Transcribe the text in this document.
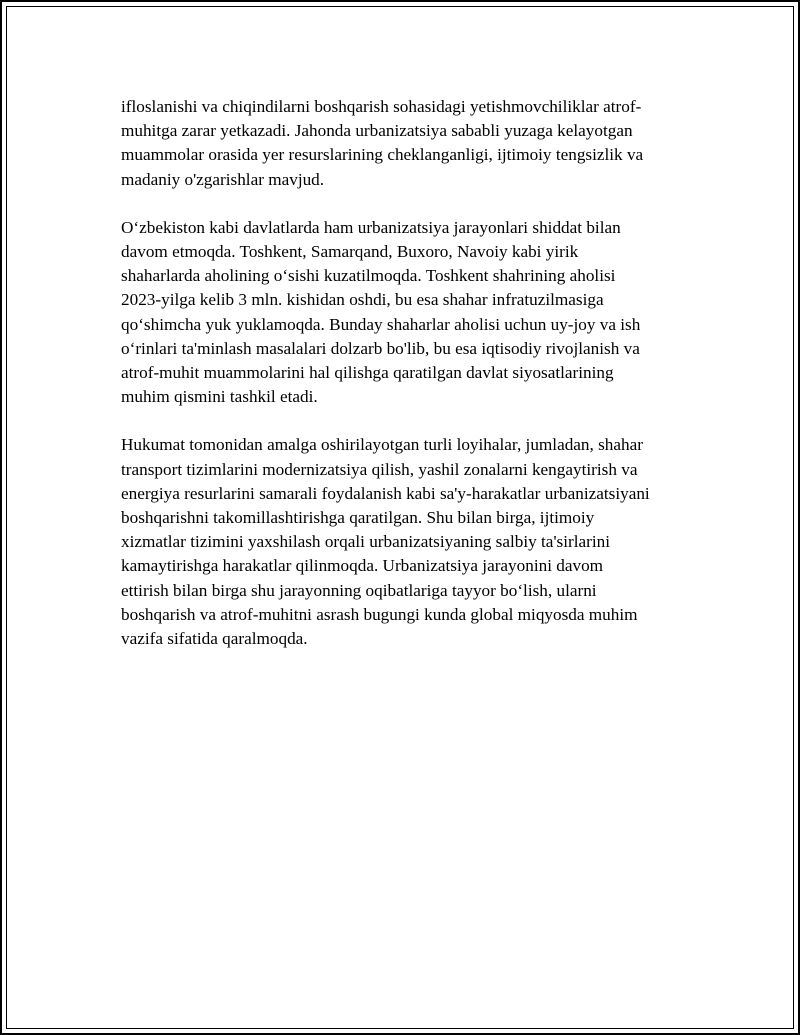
ifloslanishi va chiqindilarni boshqarish sohasidagi yetishmovchiliklar atrof-
muhitga zarar yetkazadi. Jahonda urbanizatsiya sababli yuzaga kelayotgan
muammolar orasida yer resurslarining cheklanganligi, ijtimoiy tengsizlik va
madaniy o'zgarishlar mavjud.

O‘zbekiston kabi davlatlarda ham urbanizatsiya jarayonlari shiddat bilan
davom etmoqda. Toshkent, Samarqand, Buxoro, Navoiy kabi yirik
shaharlarda aholining o‘sishi kuzatilmoqda. Toshkent shahrining aholisi
2023-yilga kelib 3 mln. kishidan oshdi, bu esa shahar infratuzilmasiga
qo‘shimcha yuk yuklamoqda. Bunday shaharlar aholisi uchun uy-joy va ish
o‘rinlari ta'minlash masalalari dolzarb bo'lib, bu esa iqtisodiy rivojlanish va
atrof-muhit muammolarini hal qilishga qaratilgan davlat siyosatlarining
muhim qismini tashkil etadi.

Hukumat tomonidan amalga oshirilayotgan turli loyihalar, jumladan, shahar
transport tizimlarini modernizatsiya qilish, yashil zonalarni kengaytirish va
energiya resurlarini samarali foydalanish kabi sa'y-harakatlar urbanizatsiyani
boshqarishni takomillashtirishga qaratilgan. Shu bilan birga, ijtimoiy
xizmatlar tizimini yaxshilash orqali urbanizatsiyaning salbiy ta'sirlarini
kamaytirishga harakatlar qilinmoqda. Urbanizatsiya jarayonini davom
ettirish bilan birga shu jarayonning oqibatlariga tayyor bo‘lish, ularni
boshqarish va atrof-muhitni asrash bugungi kunda global miqyosda muhim
vazifa sifatida qaralmoqda.
